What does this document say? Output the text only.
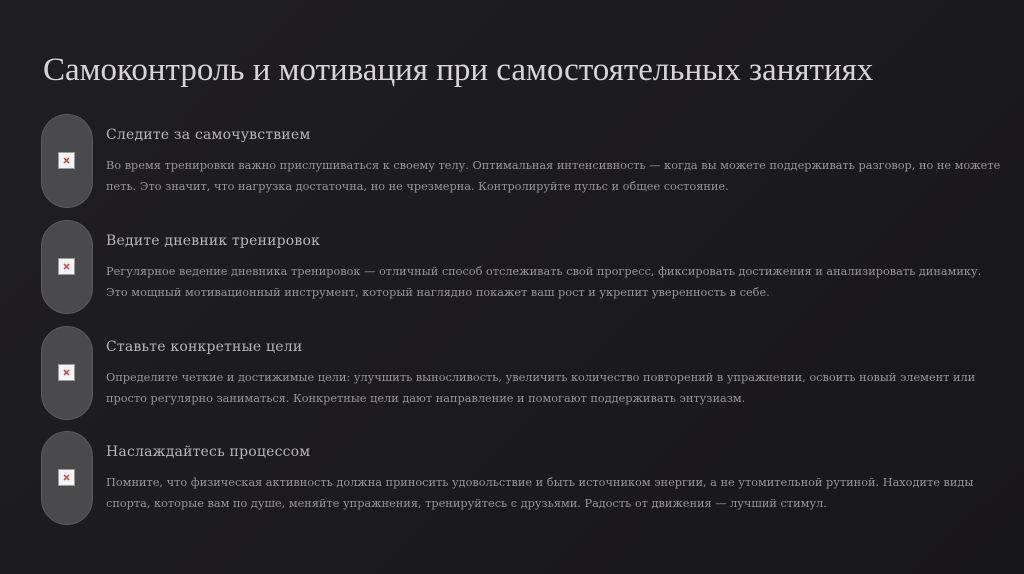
Самоконтроль и мотивация при самостоятельных занятиях
Следите за самочувствием

Во время тренировки важно прислушиваться к своему телу. Оптимальная интенсивность — когда вы можете поддерживать разговор, но не можете петь. Это значит, что нагрузка достаточна, но не чрезмерна. Контролируйте пульс и общее состояние.

Ведите дневник тренировок

Регулярное ведение дневника тренировок — отличный способ отслеживать свой прогресс, фиксировать достижения и анализировать динамику. Это мощный мотивационный инструмент, который наглядно покажет ваш рост и укрепит уверенность в себе.

Ставьте конкретные цели

Определите четкие и достижимые цели: улучшить выносливость, увеличить количество повторений в упражнении, освоить новый элемент или просто регулярно заниматься. Конкретные цели дают направление и помогают поддерживать энтузиазм.

Наслаждайтесь процессом

Помните, что физическая активность должна приносить удовольствие и быть источником энергии, а не утомительной рутиной. Находите виды спорта, которые вам по душе, меняйте упражнения, тренируйтесь с друзьями. Радость от движения — лучший стимул.
